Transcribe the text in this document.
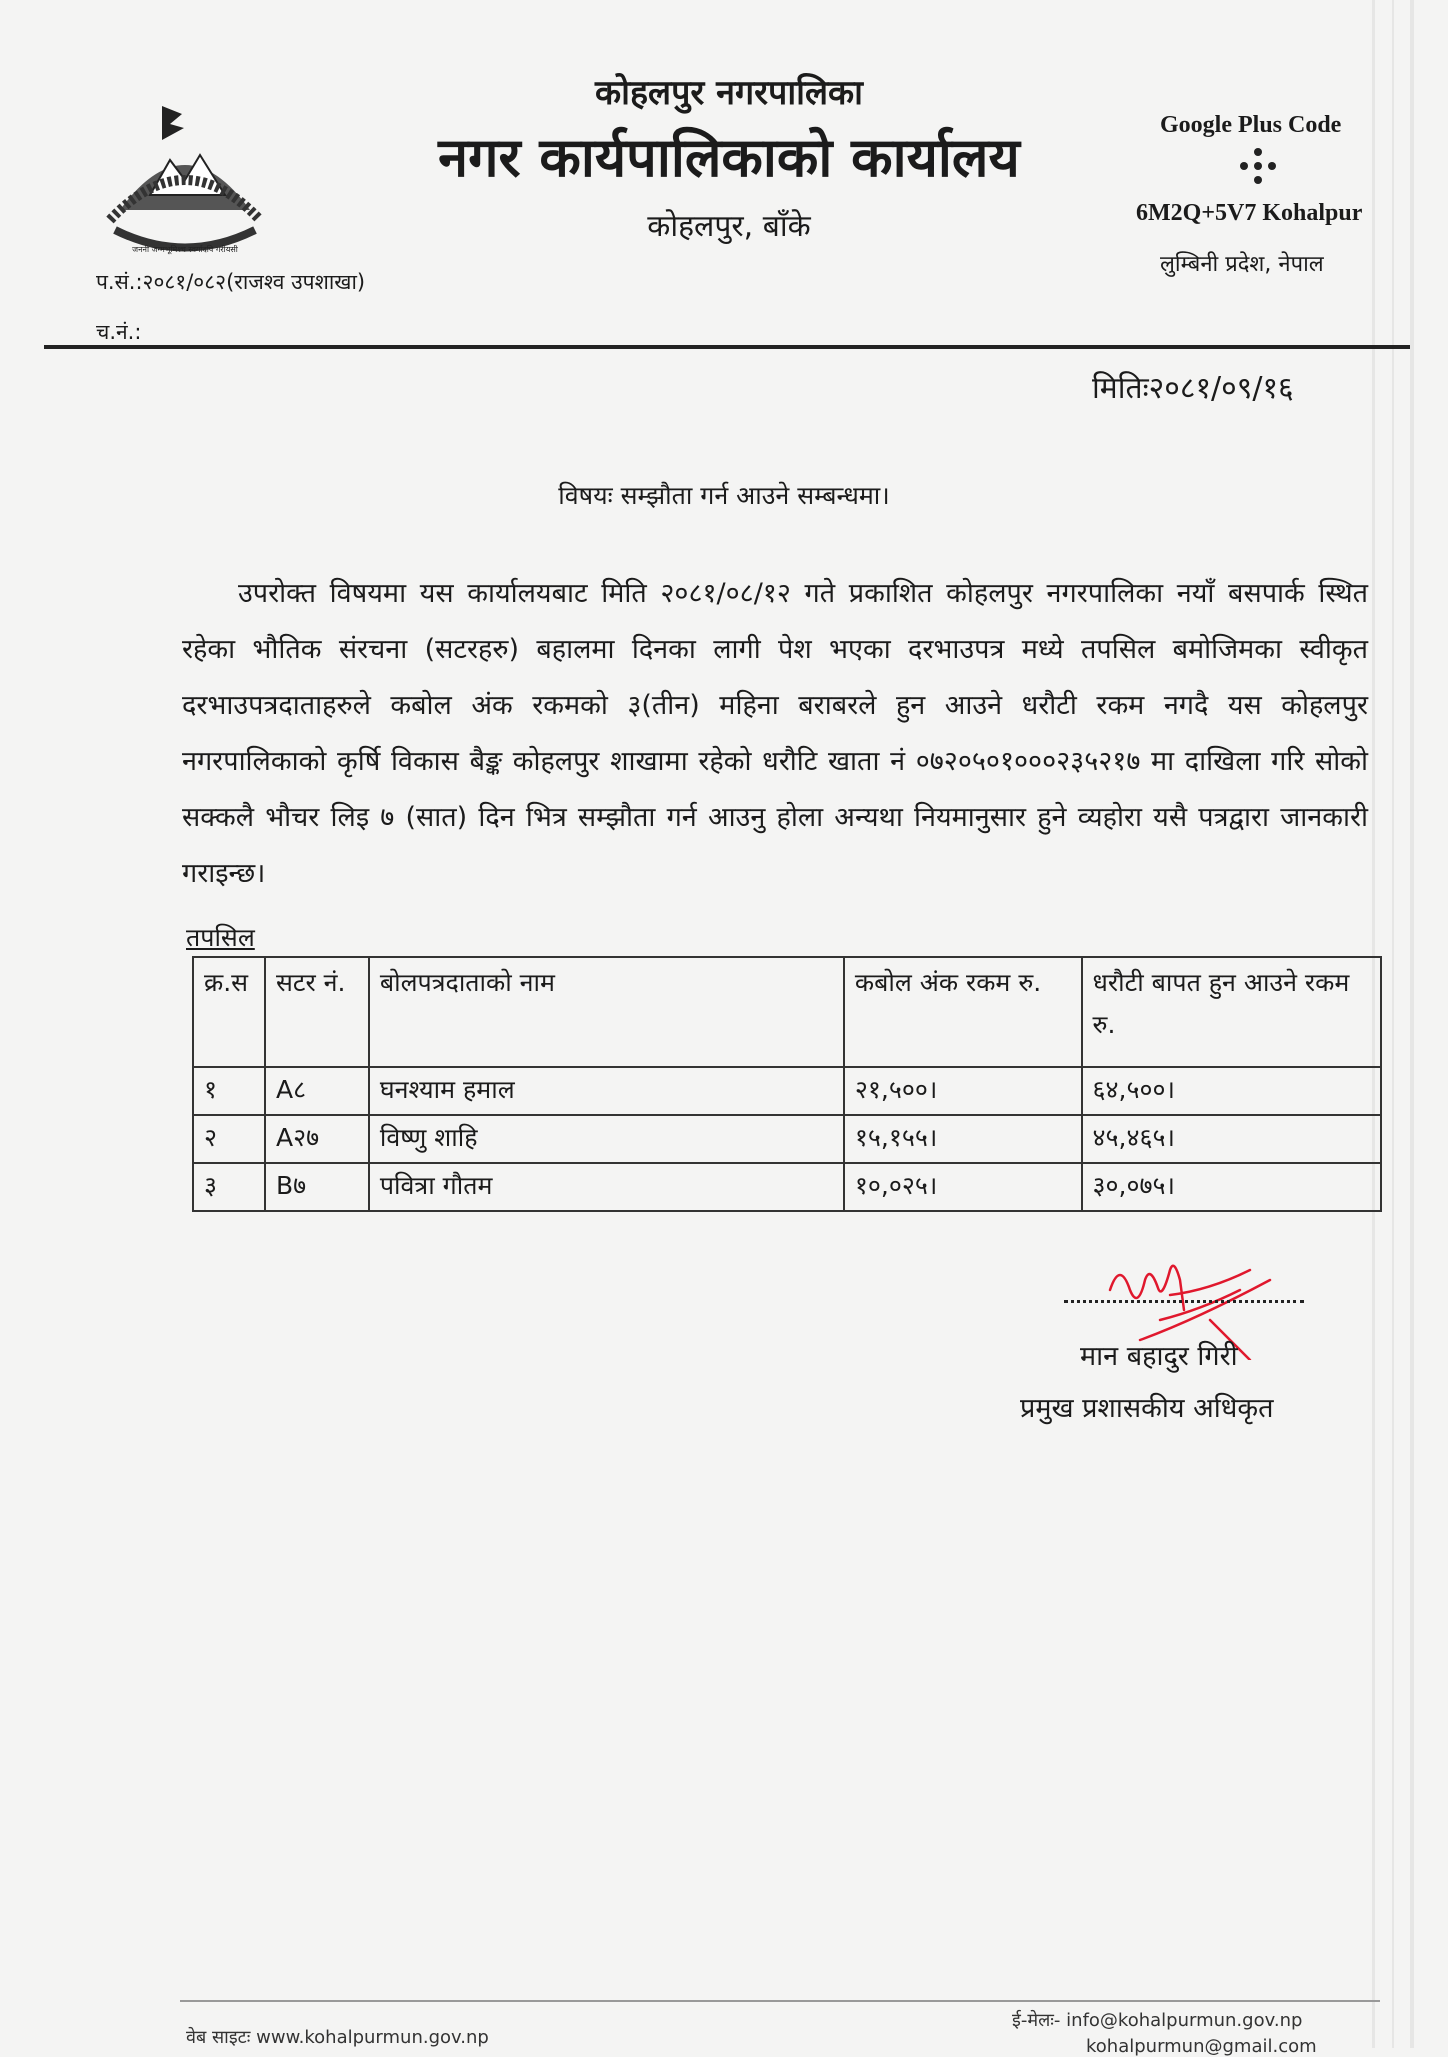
जननी जन्मभूमिश्च स्वर्गादपि गरीयसी
कोहलपुर नगरपालिका
नगर कार्यपालिकाको कार्यालय
कोहलपुर, बाँके
Google Plus Code
6M2Q+5V7 Kohalpur
लुम्बिनी प्रदेश, नेपाल
प.सं.:२०८१/०८२(राजश्व उपशाखा)
च.नं.:
मितिः२०८१/०९/१६
विषयः सम्झौता गर्न आउने सम्बन्धमा।
उपरोक्त विषयमा यस कार्यालयबाट मिति २०८१/०८/१२ गते प्रकाशित कोहलपुर नगरपालिका नयाँ बसपार्क स्थित रहेका भौतिक संरचना (सटरहरु) बहालमा दिनका लागी पेश भएका दरभाउपत्र मध्ये तपसिल बमोजिमका स्वीकृत दरभाउपत्रदाताहरुले कबोल अंक रकमको ३(तीन) महिना बराबरले हुन आउने धरौटी रकम नगदै यस कोहलपुर नगरपालिकाको कृर्षि विकास बैङ्क कोहलपुर शाखामा रहेको धरौटि खाता नं ०७२०५०१०००२३५२१७ मा दाखिला गरि सोको सक्कलै भौचर लिइ ७ (सात) दिन भित्र सम्झौता गर्न आउनु होला अन्यथा नियमानुसार हुने व्यहोरा यसै पत्रद्वारा जानकारी गराइन्छ।
तपसिल
क्र.स	सटर नं.	बोलपत्रदाताको नाम	कबोल अंक रकम रु.	धरौटी बापत हुन आउने रकम रु.
१	A८	घनश्याम हमाल	२१,५००।	६४,५००।
२	A२७	विष्णु शाहि	१५,१५५।	४५,४६५।
३	B७	पवित्रा गौतम	१०,०२५।	३०,०७५।
मान बहादुर गिरी
प्रमुख प्रशासकीय अधिकृत
वेब साइटः www.kohalpurmun.gov.np
ई-मेलः- info@kohalpurmun.gov.np
kohalpurmun@gmail.com
